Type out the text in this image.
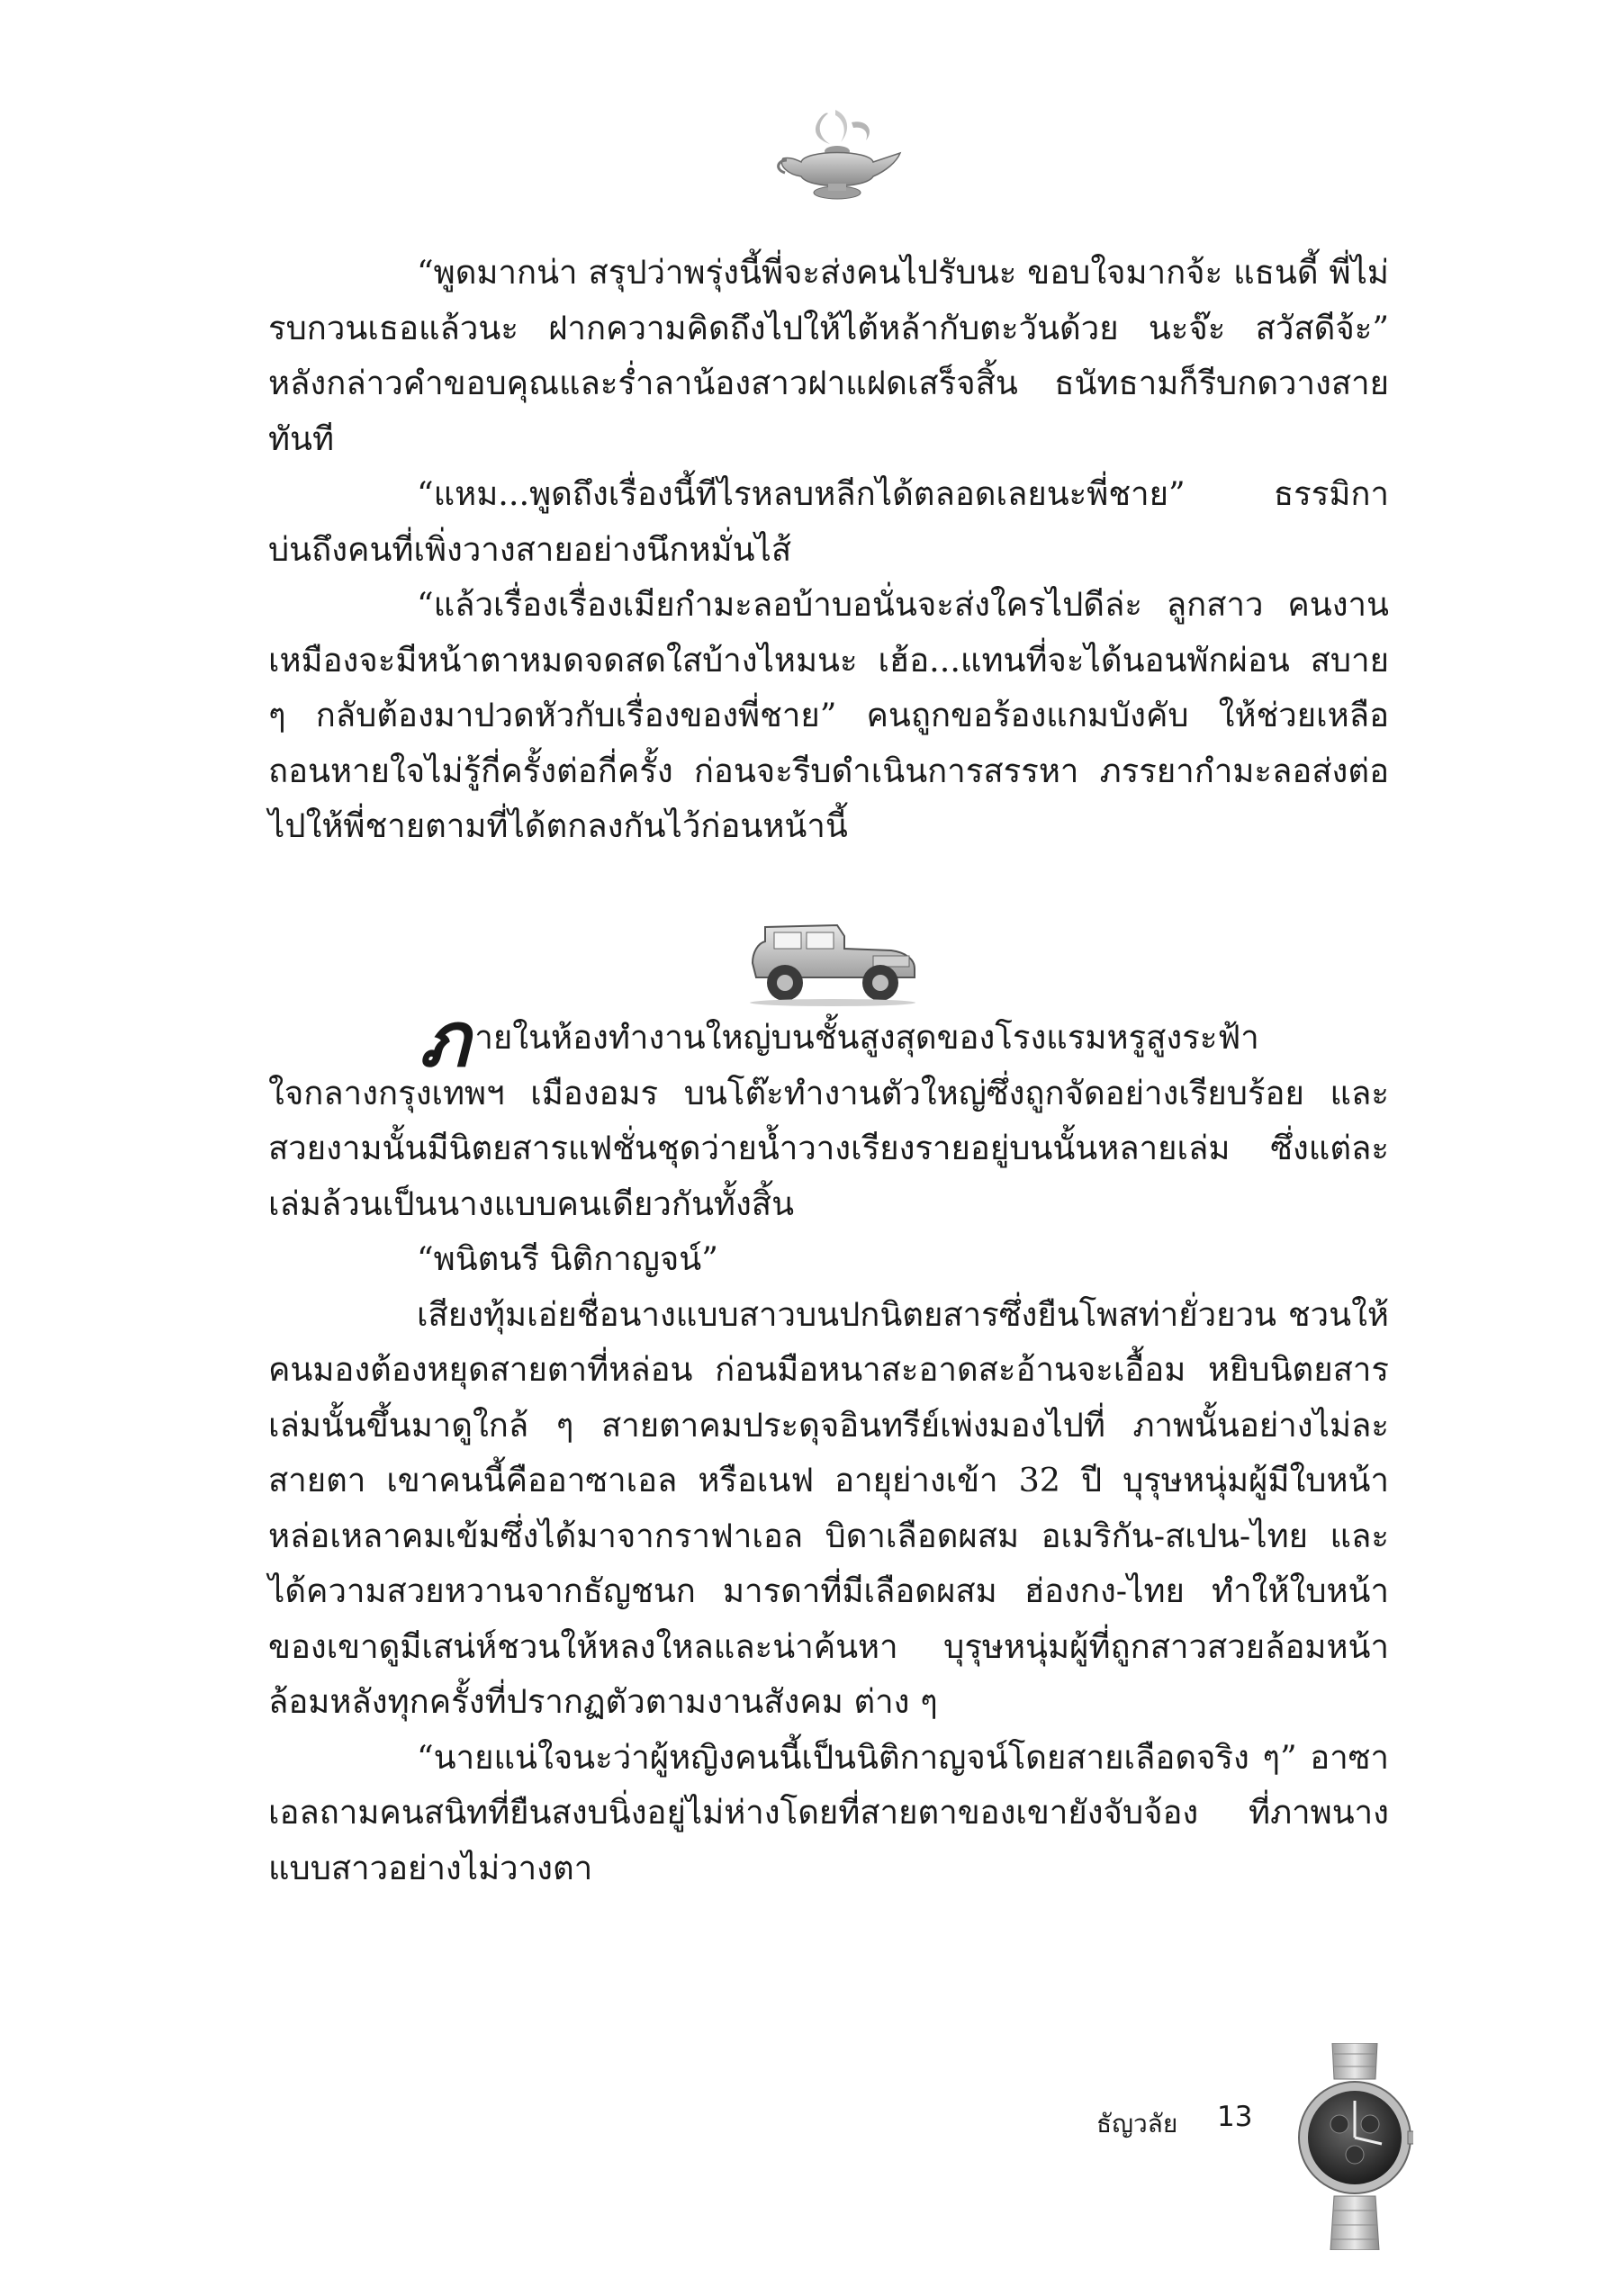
“พูดมากน่า สรุปว่าพรุ่งนี้พี่จะส่งคนไปรับนะ ขอบใจมากจ้ะ แธนดี้ พี่ไม่รบกวนเธอแล้วนะ ฝากความคิดถึงไปให้ไต้หล้ากับตะวันด้วย นะจ๊ะ สวัสดีจ้ะ” หลังกล่าวคำขอบคุณและร่ำลาน้องสาวฝาแฝดเสร็จสิ้น ธนัทธามก็รีบกดวางสายทันที

“แหม...พูดถึงเรื่องนี้ทีไรหลบหลีกได้ตลอดเลยนะพี่ชาย” ธรรมิกา บ่นถึงคนที่เพิ่งวางสายอย่างนึกหมั่นไส้

“แล้วเรื่องเรื่องเมียกำมะลอบ้าบอนั่นจะส่งใครไปดีล่ะ ลูกสาว คนงานเหมืองจะมีหน้าตาหมดจดสดใสบ้างไหมนะ เฮ้อ...แทนที่จะได้นอนพักผ่อน สบาย ๆ กลับต้องมาปวดหัวกับเรื่องของพี่ชาย” คนถูกขอร้องแกมบังคับ ให้ช่วยเหลือถอนหายใจไม่รู้กี่ครั้งต่อกี่ครั้ง ก่อนจะรีบดำเนินการสรรหา ภรรยากำมะลอส่งต่อไปให้พี่ชายตามที่ได้ตกลงกันไว้ก่อนหน้านี้

ภ ายในห้องทำงานใหญ่บนชั้นสูงสุดของโรงแรมหรูสูงระฟ้า

ใจกลางกรุงเทพฯ เมืองอมร บนโต๊ะทำงานตัวใหญ่ซึ่งถูกจัดอย่างเรียบร้อย และสวยงามนั้นมีนิตยสารแฟชั่นชุดว่ายน้ำวางเรียงรายอยู่บนนั้นหลายเล่ม ซึ่งแต่ละเล่มล้วนเป็นนางแบบคนเดียวกันทั้งสิ้น

“พนิตนรี นิติกาญจน์”

เสียงทุ้มเอ่ยชื่อนางแบบสาวบนปกนิตยสารซึ่งยืนโพสท่ายั่วยวน ชวนให้คนมองต้องหยุดสายตาที่หล่อน ก่อนมือหนาสะอาดสะอ้านจะเอื้อม หยิบนิตยสารเล่มนั้นขึ้นมาดูใกล้ ๆ สายตาคมประดุจอินทรีย์เพ่งมองไปที่ ภาพนั้นอย่างไม่ละสายตา เขาคนนี้คืออาซาเอล หรือเนฟ อายุย่างเข้า 32 ปี บุรุษหนุ่มผู้มีใบหน้าหล่อเหลาคมเข้มซึ่งได้มาจากราฟาเอล บิดาเลือดผสม อเมริกัน-สเปน-ไทย และได้ความสวยหวานจากธัญชนก มารดาที่มีเลือดผสม ฮ่องกง-ไทย ทำให้ใบหน้าของเขาดูมีเสน่ห์ชวนให้หลงใหลและน่าค้นหา บุรุษหนุ่มผู้ที่ถูกสาวสวยล้อมหน้าล้อมหลังทุกครั้งที่ปรากฏตัวตามงานสังคม ต่าง ๆ

“นายแน่ใจนะว่าผู้หญิงคนนี้เป็นนิติกาญจน์โดยสายเลือดจริง ๆ” อาซาเอลถามคนสนิทที่ยืนสงบนิ่งอยู่ไม่ห่างโดยที่สายตาของเขายังจับจ้อง ที่ภาพนางแบบสาวอย่างไม่วางตา

ธัญวลัย 13
